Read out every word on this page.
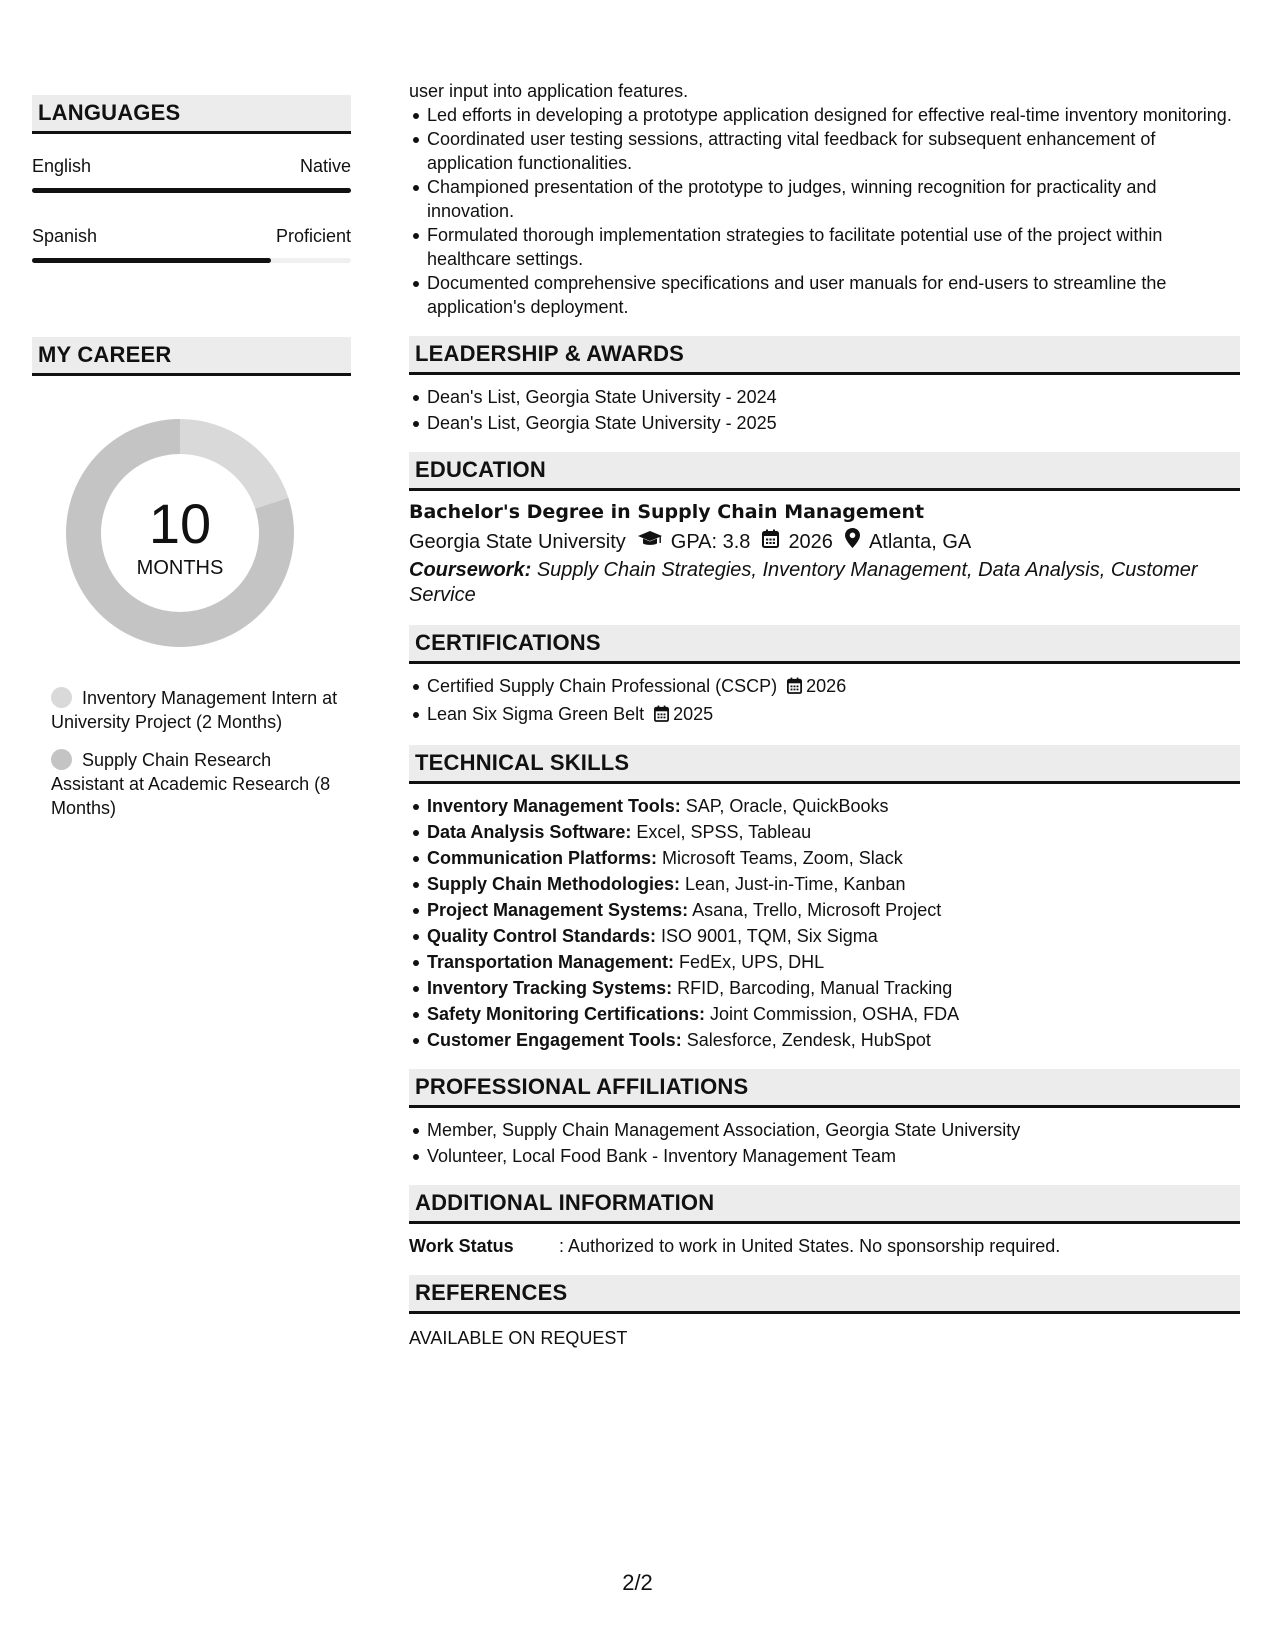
LANGUAGES
English	Native
Spanish	Proficient
MY CAREER
10
MONTHS
Inventory Management Intern at University Project (2 Months)
Supply Chain Research Assistant at Academic Research (8 Months)
user input into application features.
Led efforts in developing a prototype application designed for effective real-time inventory monitoring.
Coordinated user testing sessions, attracting vital feedback for subsequent enhancement of application functionalities.
Championed presentation of the prototype to judges, winning recognition for practicality and innovation.
Formulated thorough implementation strategies to facilitate potential use of the project within healthcare settings.
Documented comprehensive specifications and user manuals for end-users to streamline the application's deployment.
LEADERSHIP & AWARDS
Dean's List, Georgia State University - 2024
Dean's List, Georgia State University - 2025
EDUCATION
Bachelor's Degree in Supply Chain Management
Georgia State University GPA: 3.8 2026 Atlanta, GA
Coursework: Supply Chain Strategies, Inventory Management, Data Analysis, Customer Service
CERTIFICATIONS
Certified Supply Chain Professional (CSCP) 2026
Lean Six Sigma Green Belt 2025
TECHNICAL SKILLS
Inventory Management Tools: SAP, Oracle, QuickBooks
Data Analysis Software: Excel, SPSS, Tableau
Communication Platforms: Microsoft Teams, Zoom, Slack
Supply Chain Methodologies: Lean, Just-in-Time, Kanban
Project Management Systems: Asana, Trello, Microsoft Project
Quality Control Standards: ISO 9001, TQM, Six Sigma
Transportation Management: FedEx, UPS, DHL
Inventory Tracking Systems: RFID, Barcoding, Manual Tracking
Safety Monitoring Certifications: Joint Commission, OSHA, FDA
Customer Engagement Tools: Salesforce, Zendesk, HubSpot
PROFESSIONAL AFFILIATIONS
Member, Supply Chain Management Association, Georgia State University
Volunteer, Local Food Bank - Inventory Management Team
ADDITIONAL INFORMATION
Work Status	: Authorized to work in United States. No sponsorship required.
REFERENCES
AVAILABLE ON REQUEST
2/2
